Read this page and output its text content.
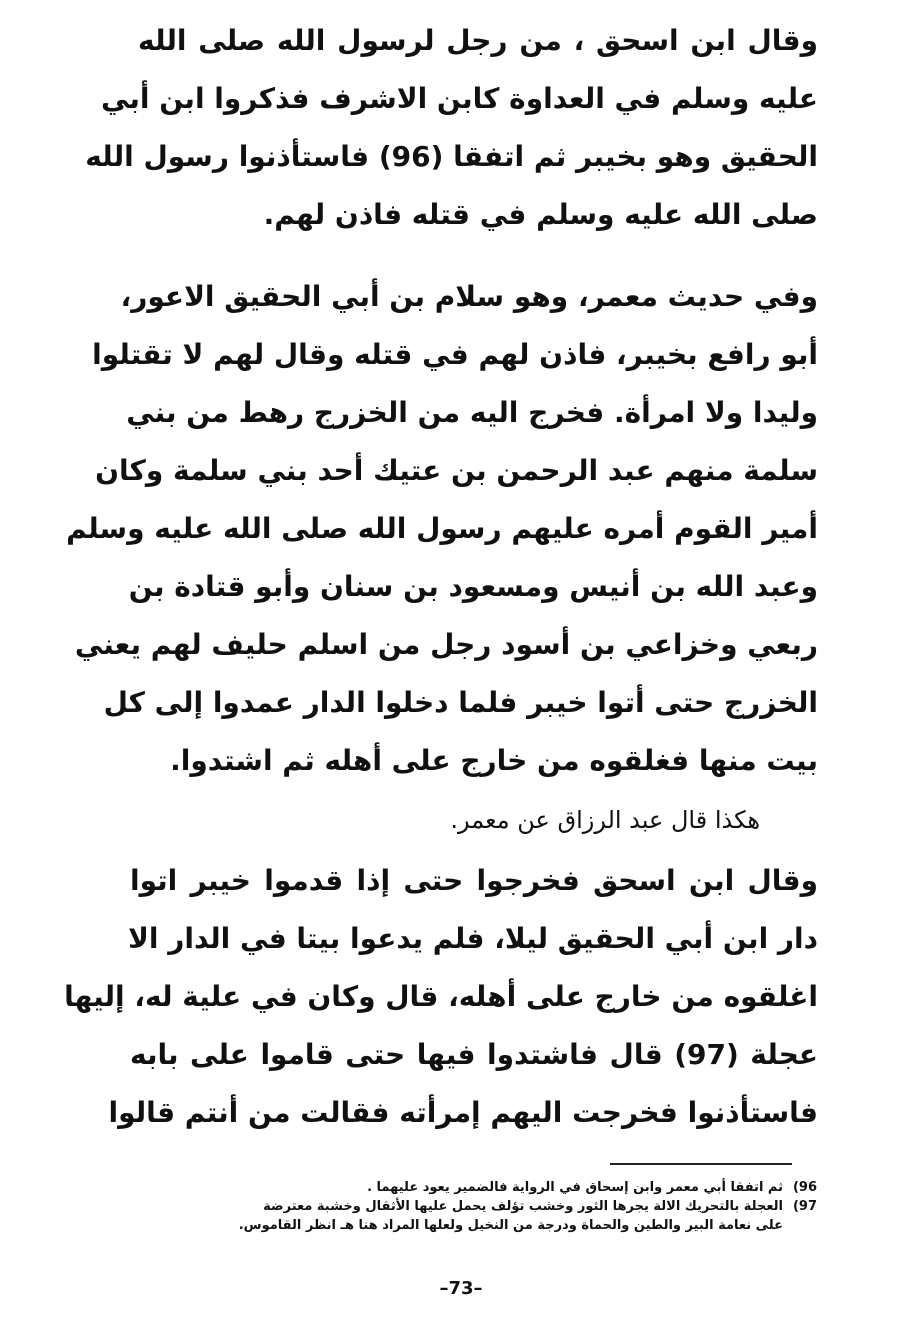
وقال ابن اسحق ، من رجل لرسول الله صلى الله
عليه وسلم في العداوة كابن الاشرف فذكروا ابن أبي
الحقيق وهو بخيبر ثم اتفقا (96) فاستأذنوا رسول الله
صلى الله عليه وسلم في قتله فاذن لهم.
وفي حديث معمر، وهو سلام بن أبي الحقيق الاعور،
أبو رافع بخيبر، فاذن لهم في قتله وقال لهم لا تقتلوا
وليدا ولا امرأة. فخرج اليه من الخزرج رهط من بني
سلمة منهم عبد الرحمن بن عتيك أحد بني سلمة وكان
أمير القوم أمره عليهم رسول الله صلى الله عليه وسلم
وعبد الله بن أنيس ومسعود بن سنان وأبو قتادة بن
ربعي وخزاعي بن أسود رجل من اسلم حليف لهم يعني
الخزرج حتى أتوا خيبر فلما دخلوا الدار عمدوا إلى كل
بيت منها فغلقوه من خارج على أهله ثم اشتدوا.
هكذا قال عبد الرزاق عن معمر.
وقال ابن اسحق فخرجوا حتى إذا قدموا خيبر اتوا
دار ابن أبي الحقيق ليلا، فلم يدعوا بيتا في الدار الا
اغلقوه من خارج على أهله، قال وكان في علية له، إليها
عجلة (97) قال فاشتدوا فيها حتى قاموا على بابه
فاستأذنوا فخرجت اليهم إمرأته فقالت من أنتم قالوا
96)
ثم اتفقا أبي معمر وابن إسحاق في الرواية فالضمير يعود عليهما .
97)
العجلة بالتحريك الالة يجرها الثور وخشب تؤلف يحمل عليها الأثقال وخشبة معترضة
على نعامة البير والطين والحماة ودرجة من النخيل ولعلها المراد هنا هـ انظر القاموس.
–73–
